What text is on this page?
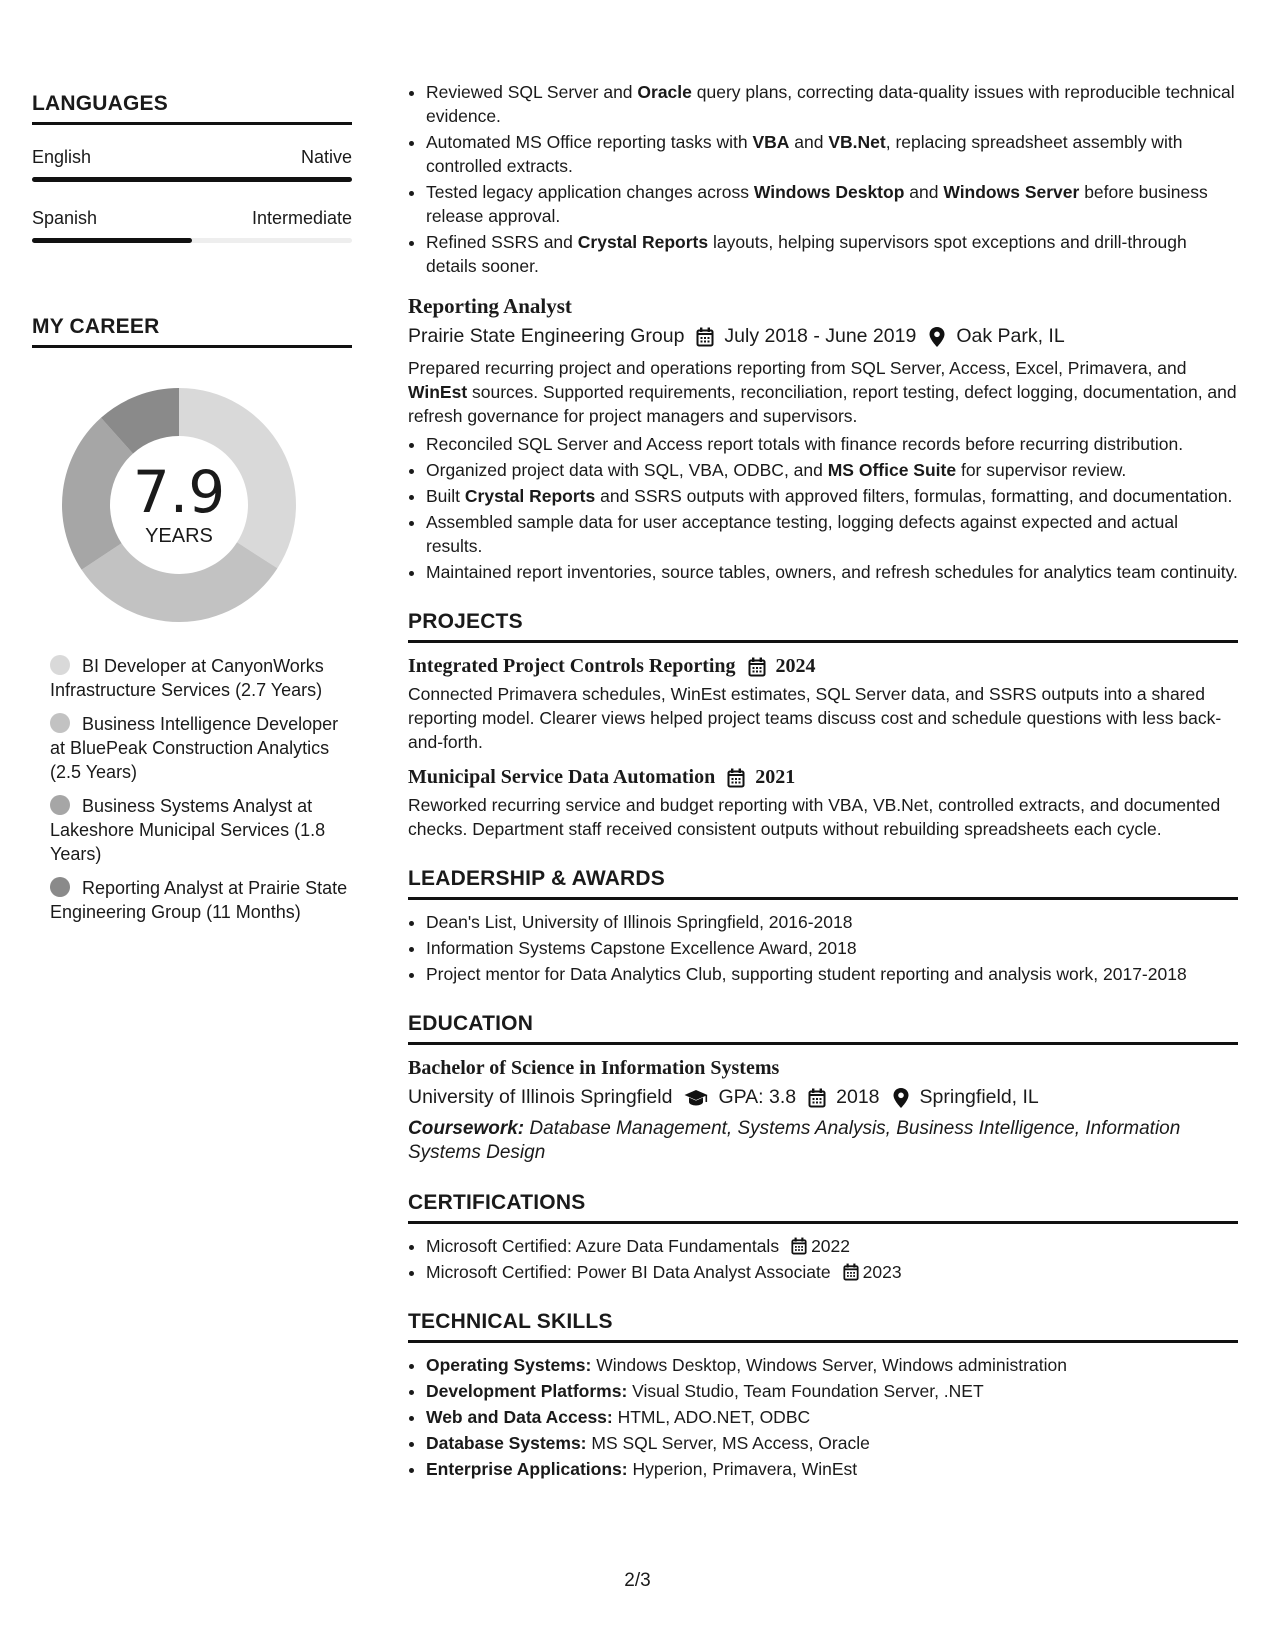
LANGUAGES
English	Native
Spanish	Intermediate
MY CAREER
7.9
YEARS
BI Developer at CanyonWorks Infrastructure Services (2.7 Years)
Business Intelligence Developer at BluePeak Construction Analytics (2.5 Years)
Business Systems Analyst at Lakeshore Municipal Services (1.8 Years)
Reporting Analyst at Prairie State Engineering Group (11 Months)
• Reviewed SQL Server and Oracle query plans, correcting data-quality issues with reproducible technical evidence.
• Automated MS Office reporting tasks with VBA and VB.Net, replacing spreadsheet assembly with controlled extracts.
• Tested legacy application changes across Windows Desktop and Windows Server before business release approval.
• Refined SSRS and Crystal Reports layouts, helping supervisors spot exceptions and drill-through details sooner.
Reporting Analyst
Prairie State Engineering Group July 2018 - June 2019 Oak Park, IL
Prepared recurring project and operations reporting from SQL Server, Access, Excel, Primavera, and WinEst sources. Supported requirements, reconciliation, report testing, defect logging, documentation, and refresh governance for project managers and supervisors.
• Reconciled SQL Server and Access report totals with finance records before recurring distribution.
• Organized project data with SQL, VBA, ODBC, and MS Office Suite for supervisor review.
• Built Crystal Reports and SSRS outputs with approved filters, formulas, formatting, and documentation.
• Assembled sample data for user acceptance testing, logging defects against expected and actual results.
• Maintained report inventories, source tables, owners, and refresh schedules for analytics team continuity.
PROJECTS
Integrated Project Controls Reporting 2024
Connected Primavera schedules, WinEst estimates, SQL Server data, and SSRS outputs into a shared reporting model. Clearer views helped project teams discuss cost and schedule questions with less back-and-forth.
Municipal Service Data Automation 2021
Reworked recurring service and budget reporting with VBA, VB.Net, controlled extracts, and documented checks. Department staff received consistent outputs without rebuilding spreadsheets each cycle.
LEADERSHIP & AWARDS
• Dean's List, University of Illinois Springfield, 2016-2018
• Information Systems Capstone Excellence Award, 2018
• Project mentor for Data Analytics Club, supporting student reporting and analysis work, 2017-2018
EDUCATION
Bachelor of Science in Information Systems
University of Illinois Springfield GPA: 3.8 2018 Springfield, IL
Coursework: Database Management, Systems Analysis, Business Intelligence, Information Systems Design
CERTIFICATIONS
• Microsoft Certified: Azure Data Fundamentals 2022
• Microsoft Certified: Power BI Data Analyst Associate 2023
TECHNICAL SKILLS
• Operating Systems: Windows Desktop, Windows Server, Windows administration
• Development Platforms: Visual Studio, Team Foundation Server, .NET
• Web and Data Access: HTML, ADO.NET, ODBC
• Database Systems: MS SQL Server, MS Access, Oracle
• Enterprise Applications: Hyperion, Primavera, WinEst
2/3
